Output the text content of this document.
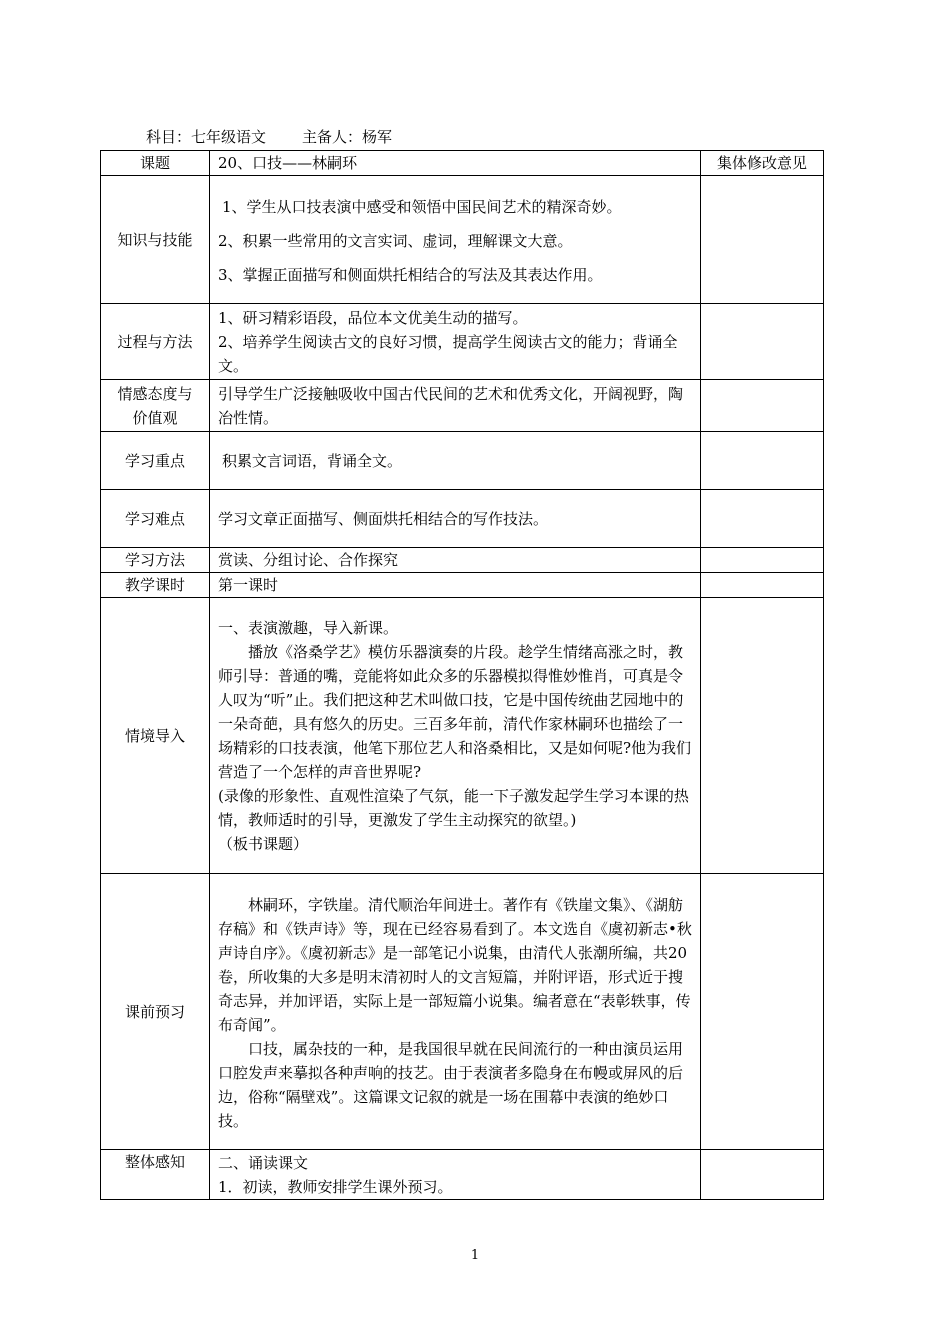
科目：七年级语文 主备人：杨军
课题	20、口技——林嗣环	集体修改意见
知识与技能	1、学生从口技表演中感受和领悟中国民间艺术的精深奇妙。

2、积累一些常用的文言实词、虚词，理解课文大意。

3、掌握正面描写和侧面烘托相结合的写法及其表达作用。	

过程与方法	1、研习精彩语段，品位本文优美生动的描写。

2、培养学生阅读古文的良好习惯，提高学生阅读古文的能力；背诵全文。	

情感态度与价值观	引导学生广泛接触吸收中国古代民间的艺术和优秀文化，开阔视野，陶冶性情。	

学习重点	积累文言词语，背诵全文。	

学习难点	学习文章正面描写、侧面烘托相结合的写作技法。	

学习方法	赏读、分组讨论、合作探究	
教学课时	第一课时	
情境导入	一、表演激趣，导入新课。

播放《洛桑学艺》模仿乐器演奏的片段。趁学生情绪高涨之时，教师引导：普通的嘴，竞能将如此众多的乐器模拟得惟妙惟肖，可真是令人叹为“听”止。我们把这种艺术叫做口技，它是中国传统曲艺园地中的一朵奇葩，具有悠久的历史。三百多年前，清代作家林嗣环也描绘了一场精彩的口技表演，他笔下那位艺人和洛桑相比，又是如何呢?他为我们营造了一个怎样的声音世界呢?

(录像的形象性、直观性渲染了气氛，能一下子激发起学生学习本课的热情，教师适时的引导，更激发了学生主动探究的欲望。)

（板书课题）	

课前预习	林嗣环，字铁崖。清代顺治年间进士。著作有《铁崖文集》、《湖舫存稿》和《铁声诗》等，现在已经容易看到了。本文选自《虞初新志•秋声诗自序》。《虞初新志》是一部笔记小说集，由清代人张潮所编，共20卷，所收集的大多是明末清初时人的文言短篇，并附评语，形式近于搜奇志异，并加评语，实际上是一部短篇小说集。编者意在“表彰轶事，传布奇闻”。

口技，属杂技的一种，是我国很早就在民间流行的一种由演员运用口腔发声来摹拟各种声响的技艺。由于表演者多隐身在布幔或屏风的后边，俗称“隔壁戏”。这篇课文记叙的就是一场在围幕中表演的绝妙口技。	

整体感知	二、诵读课文

1．初读，教师安排学生课外预习。	

1
